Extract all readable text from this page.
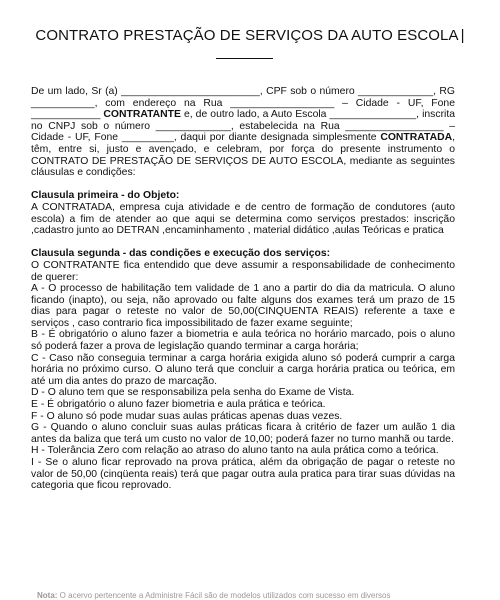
CONTRATO PRESTAÇÃO DE SERVIÇOS DA AUTO ESCOLA |

De um lado, Sr (a) ________________________, CPF sob o número _____________, RG ___________, com endereço na Rua __________________ – Cidade - UF, Fone ____________ CONTRATANTE e, de outro lado, a Auto Escola _______________, inscrita no CNPJ sob o número _____________, estabelecida na Rua _________________ – Cidade - UF, Fone _________, daqui por diante designada simplesmente CONTRATADA, têm, entre si, justo e avençado, e celebram, por força do presente instrumento o CONTRATO DE PRESTAÇÃO DE SERVIÇOS DE AUTO ESCOLA, mediante as seguintes cláusulas e condições:

Clausula primeira - do Objeto:

A CONTRATADA, empresa cuja atividade e de centro de formação de condutores (auto escola) a fim de atender ao que aqui se determina como serviços prestados: inscrição ,cadastro junto ao DETRAN ,encaminhamento , material didático ,aulas Teóricas e pratica

Clausula segunda - das condições e execução dos serviços:

O CONTRATANTE fica entendido que deve assumir a responsabilidade de conhecimento de querer:

A - O processo de habilitação tem validade de 1 ano a partir do dia da matricula. O aluno ficando (inapto), ou seja, não aprovado ou falte alguns dos exames terá um prazo de 15 dias para pagar o reteste no valor de 50,00(CINQUENTA REAIS) referente a taxe e serviços , caso contrario fica impossibilitado de fazer exame seguinte;

B - É obrigatório o aluno fazer a biometria e aula teórica no horário marcado, pois o aluno só poderá fazer a prova de legislação quando terminar a carga horária;

C - Caso não conseguia terminar a carga horária exigida aluno só poderá cumprir a carga horária no próximo curso. O aluno terá que concluir a carga horária pratica ou teórica, em até um dia antes do prazo de marcação.

D - O aluno tem que se responsabiliza pela senha do Exame de Vista.

E - É obrigatório o aluno fazer biometria e aula prática e teórica.

F - O aluno só pode mudar suas aulas práticas apenas duas vezes.

G - Quando o aluno concluir suas aulas práticas ficara à critério de fazer um aulão 1 dia antes da baliza que terá um custo no valor de 10,00; poderá fazer no turno manhã ou tarde.

H - Tolerância Zero com relação ao atraso do aluno tanto na aula prática como a teórica.

I - Se o aluno ficar reprovado na prova prática, além da obrigação de pagar o reteste no valor de 50,00 (cinqüenta reais) terá que pagar outra aula pratica para tirar suas dúvidas na categoria que ficou reprovado.

Nota: O acervo pertencente a Administre Fácil são de modelos utilizados com sucesso em diversos
